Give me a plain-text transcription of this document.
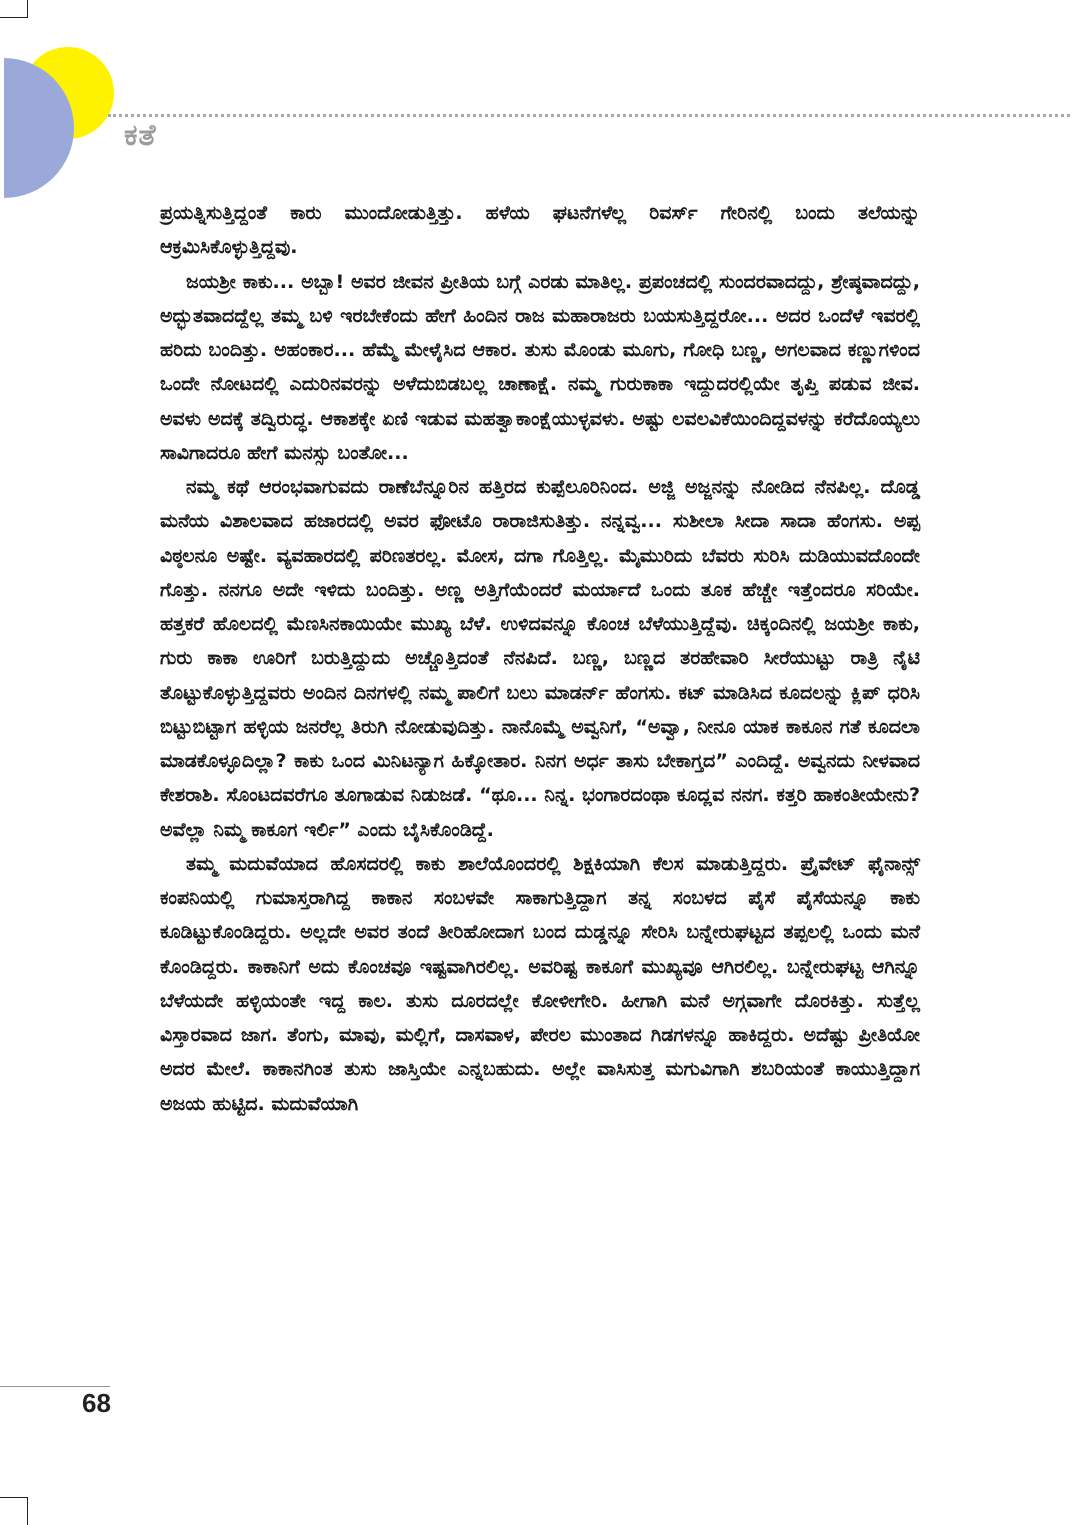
ಕತೆ

ಪ್ರಯತ್ನಿಸುತ್ತಿದ್ದಂತೆ ಕಾರು ಮುಂದೋಡುತ್ತಿತ್ತು. ಹಳೆಯ ಘಟನೆಗಳೆಲ್ಲ ರಿವರ್ಸ್ ಗೇರಿನಲ್ಲಿ ಬಂದು ತಲೆಯನ್ನು ಆಕ್ರಮಿಸಿಕೊಳ್ಳುತ್ತಿದ್ದವು.

ಜಯಶ್ರೀ ಕಾಕು... ಅಬ್ಬಾ! ಅವರ ಜೀವನ ಪ್ರೀತಿಯ ಬಗ್ಗೆ ಎರಡು ಮಾತಿಲ್ಲ. ಪ್ರಪಂಚದಲ್ಲಿ ಸುಂದರವಾದದ್ದು, ಶ್ರೇಷ್ಠವಾದದ್ದು, ಅದ್ಭುತವಾದದ್ದೆಲ್ಲ ತಮ್ಮ ಬಳಿ ಇರಬೇಕೆಂದು ಹೇಗೆ ಹಿಂದಿನ ರಾಜ ಮಹಾರಾಜರು ಬಯಸುತ್ತಿದ್ದರೋ... ಅದರ ಒಂದೆಳೆ ಇವರಲ್ಲಿ ಹರಿದು ಬಂದಿತ್ತು. ಅಹಂಕಾರ... ಹೆಮ್ಮೆ ಮೇಳೈಸಿದ ಆಕಾರ. ತುಸು ಮೊಂಡು ಮೂಗು, ಗೋಧಿ ಬಣ್ಣ, ಅಗಲವಾದ ಕಣ್ಣುಗಳಿಂದ ಒಂದೇ ನೋಟದಲ್ಲಿ ಎದುರಿನವರನ್ನು ಅಳೆದುಬಿಡಬಲ್ಲ ಚಾಣಾಕ್ಷೆ. ನಮ್ಮ ಗುರುಕಾಕಾ ಇದ್ದುದರಲ್ಲಿಯೇ ತೃಪ್ತಿ ಪಡುವ ಜೀವ. ಅವಳು ಅದಕ್ಕೆ ತದ್ವಿರುದ್ಧ. ಆಕಾಶಕ್ಕೇ ಏಣಿ ಇಡುವ ಮಹತ್ವಾಕಾಂಕ್ಷೆಯುಳ್ಳವಳು. ಅಷ್ಟು ಲವಲವಿಕೆಯಿಂದಿದ್ದವಳನ್ನು ಕರೆದೊಯ್ಯಲು ಸಾವಿಗಾದರೂ ಹೇಗೆ ಮನಸ್ಸು ಬಂತೋ...

ನಮ್ಮ ಕಥೆ ಆರಂಭವಾಗುವದು ರಾಣೆಬೆನ್ನೂರಿನ ಹತ್ತಿರದ ಕುಪ್ಪೆಲೂರಿನಿಂದ. ಅಜ್ಜಿ ಅಜ್ಜನನ್ನು ನೋಡಿದ ನೆನಪಿಲ್ಲ. ದೊಡ್ಡ ಮನೆಯ ವಿಶಾಲವಾದ ಹಜಾರದಲ್ಲಿ ಅವರ ಫೋಟೊ ರಾರಾಜಿಸುತಿತ್ತು. ನನ್ನವ್ವ... ಸುಶೀಲಾ ಸೀದಾ ಸಾದಾ ಹೆಂಗಸು. ಅಪ್ಪ ವಿಠ್ಠಲನೂ ಅಷ್ಟೇ. ವ್ಯವಹಾರದಲ್ಲಿ ಪರಿಣತರಲ್ಲ. ಮೋಸ, ದಗಾ ಗೊತ್ತಿಲ್ಲ. ಮೈಮುರಿದು ಬೆವರು ಸುರಿಸಿ ದುಡಿಯುವದೊಂದೇ ಗೊತ್ತು. ನನಗೂ ಅದೇ ಇಳಿದು ಬಂದಿತ್ತು. ಅಣ್ಣ ಅತ್ತಿಗೆಯೆಂದರೆ ಮರ್ಯಾದೆ ಒಂದು ತೂಕ ಹೆಚ್ಚೇ ಇತ್ತೆಂದರೂ ಸರಿಯೇ. ಹತ್ತಕರೆ ಹೊಲದಲ್ಲಿ ಮೆಣಸಿನಕಾಯಿಯೇ ಮುಖ್ಯ ಬೆಳೆ. ಉಳಿದವನ್ನೂ ಕೊಂಚ ಬೆಳೆಯುತ್ತಿದ್ದೆವು. ಚಿಕ್ಕಂದಿನಲ್ಲಿ ಜಯಶ್ರೀ ಕಾಕು, ಗುರು ಕಾಕಾ ಊರಿಗೆ ಬರುತ್ತಿದ್ದುದು ಅಚ್ಚೊತ್ತಿದಂತೆ ನೆನಪಿದೆ. ಬಣ್ಣ, ಬಣ್ಣದ ತರಹೇವಾರಿ ಸೀರೆಯುಟ್ಟು ರಾತ್ರಿ ನೈಟಿ ತೊಟ್ಟುಕೊಳ್ಳುತ್ತಿದ್ದವರು ಅಂದಿನ ದಿನಗಳಲ್ಲಿ ನಮ್ಮ ಪಾಲಿಗೆ ಬಲು ಮಾಡರ್ನ್ ಹೆಂಗಸು. ಕಟ್ ಮಾಡಿಸಿದ ಕೂದಲನ್ನು ಕ್ಲಿಪ್ ಧರಿಸಿ ಬಿಟ್ಟುಬಿಟ್ಟಾಗ ಹಳ್ಳಿಯ ಜನರೆಲ್ಲ ತಿರುಗಿ ನೋಡುವುದಿತ್ತು. ನಾನೊಮ್ಮೆ ಅವ್ವನಿಗೆ, “ಅವ್ವಾ, ನೀನೂ ಯಾಕ ಕಾಕೂನ ಗತೆ ಕೂದಲಾ ಮಾಡಕೊಳ್ಳೂದಿಲ್ಲಾ? ಕಾಕು ಒಂದ ಮಿನಿಟನ್ಯಾಗ ಹಿಕ್ಕೋತಾರ. ನಿನಗ ಅರ್ಧ ತಾಸು ಬೇಕಾಗ್ತದ” ಎಂದಿದ್ದೆ. ಅವ್ವನದು ನೀಳವಾದ ಕೇಶರಾಶಿ. ಸೊಂಟದವರೆಗೂ ತೂಗಾಡುವ ನಿಡುಜಡೆ. “ಥೂ... ನಿನ್ನ. ಭಂಗಾರದಂಥಾ ಕೂದ್ಲವ ನನಗ. ಕತ್ತರಿ ಹಾಕಂತೀಯೇನು? ಅವೆಲ್ಲಾ ನಿಮ್ಮ ಕಾಕೂಗ ಇರ್ಲಿ” ಎಂದು ಬೈಸಿಕೊಂಡಿದ್ದೆ.

ತಮ್ಮ ಮದುವೆಯಾದ ಹೊಸದರಲ್ಲಿ ಕಾಕು ಶಾಲೆಯೊಂದರಲ್ಲಿ ಶಿಕ್ಷಕಿಯಾಗಿ ಕೆಲಸ ಮಾಡುತ್ತಿದ್ದರು. ಪ್ರೈವೇಟ್ ಫೈನಾನ್ಸ್ ಕಂಪನಿಯಲ್ಲಿ ಗುಮಾಸ್ತರಾಗಿದ್ದ ಕಾಕಾನ ಸಂಬಳವೇ ಸಾಕಾಗುತ್ತಿದ್ದಾಗ ತನ್ನ ಸಂಬಳದ ಪೈಸೆ ಪೈಸೆಯನ್ನೂ ಕಾಕು ಕೂಡಿಟ್ಟುಕೊಂಡಿದ್ದರು. ಅಲ್ಲದೇ ಅವರ ತಂದೆ ತೀರಿಹೋದಾಗ ಬಂದ ದುಡ್ಡನ್ನೂ ಸೇರಿಸಿ ಬನ್ನೇರುಘಟ್ಟದ ತಪ್ಪಲಲ್ಲಿ ಒಂದು ಮನೆ ಕೊಂಡಿದ್ದರು. ಕಾಕಾನಿಗೆ ಅದು ಕೊಂಚವೂ ಇಷ್ಟವಾಗಿರಲಿಲ್ಲ. ಅವರಿಷ್ಟ ಕಾಕೂಗೆ ಮುಖ್ಯವೂ ಆಗಿರಲಿಲ್ಲ. ಬನ್ನೇರುಘಟ್ಟ ಆಗಿನ್ನೂ ಬೆಳೆಯದೇ ಹಳ್ಳಿಯಂತೇ ಇದ್ದ ಕಾಲ. ತುಸು ದೂರದಲ್ಲೇ ಕೋಳೀಗೇರಿ. ಹೀಗಾಗಿ ಮನೆ ಅಗ್ಗವಾಗೇ ದೊರಕಿತ್ತು. ಸುತ್ತೆಲ್ಲ ವಿಸ್ತಾರವಾದ ಜಾಗ. ತೆಂಗು, ಮಾವು, ಮಲ್ಲಿಗೆ, ದಾಸವಾಳ, ಪೇರಲ ಮುಂತಾದ ಗಿಡಗಳನ್ನೂ ಹಾಕಿದ್ದರು. ಅದೆಷ್ಟು ಪ್ರೀತಿಯೋ ಅದರ ಮೇಲೆ. ಕಾಕಾನಗಿಂತ ತುಸು ಜಾಸ್ತಿಯೇ ಎನ್ನಬಹುದು. ಅಲ್ಲೇ ವಾಸಿಸುತ್ತ ಮಗುವಿಗಾಗಿ ಶಬರಿಯಂತೆ ಕಾಯುತ್ತಿದ್ದಾಗ ಅಜಯ ಹುಟ್ಟಿದ. ಮದುವೆಯಾಗಿ

68
